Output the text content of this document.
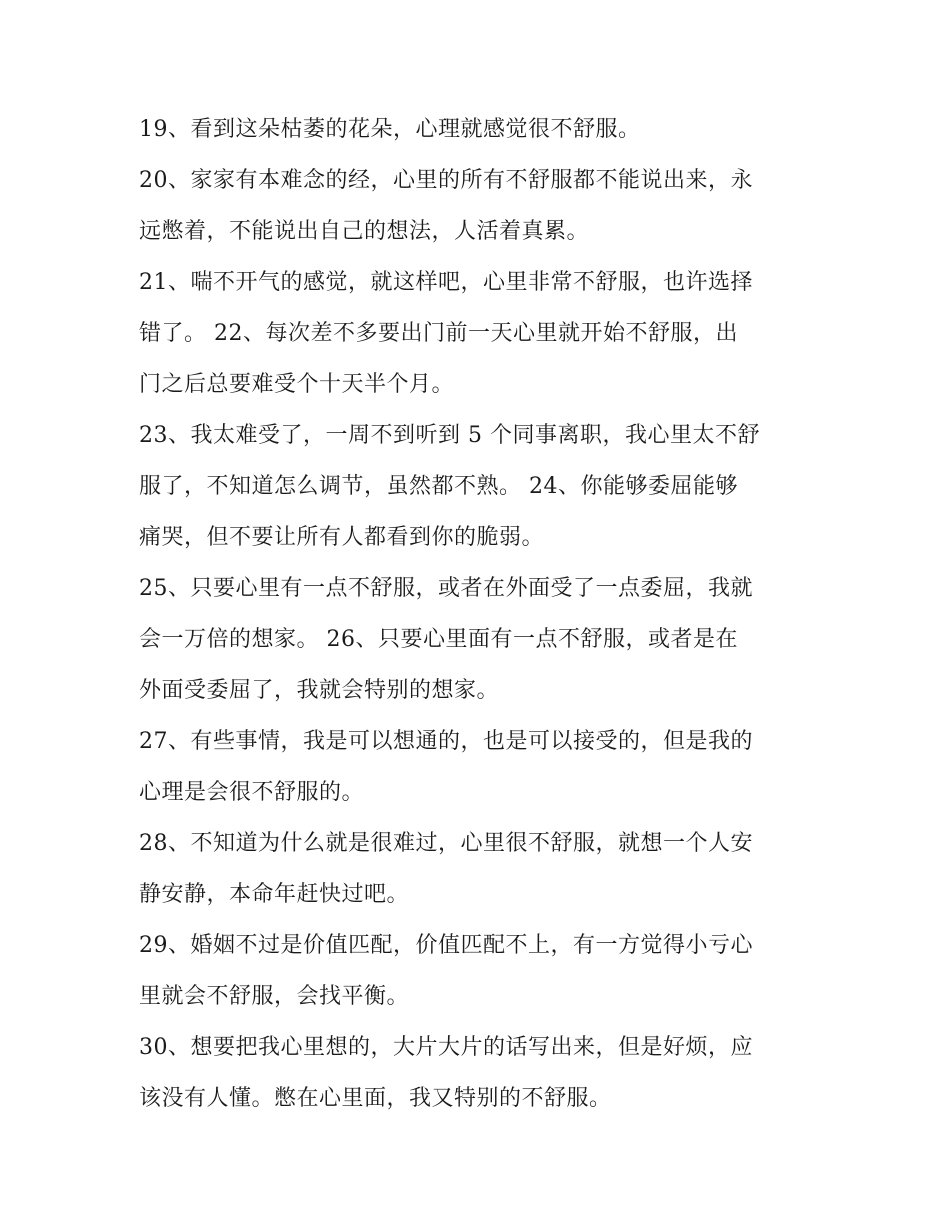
19、看到这朵枯萎的花朵，心理就感觉很不舒服。

20、家家有本难念的经，心里的所有不舒服都不能说出来，永
远憋着，不能说出自己的想法，人活着真累。

21、喘不开气的感觉，就这样吧，心里非常不舒服，也许选择
错了。 22、每次差不多要出门前一天心里就开始不舒服，出
门之后总要难受个十天半个月。

23、我太难受了，一周不到听到 5 个同事离职，我心里太不舒
服了，不知道怎么调节，虽然都不熟。 24、你能够委屈能够
痛哭，但不要让所有人都看到你的脆弱。

25、只要心里有一点不舒服，或者在外面受了一点委屈，我就
会一万倍的想家。 26、只要心里面有一点不舒服，或者是在
外面受委屈了，我就会特别的想家。

27、有些事情，我是可以想通的，也是可以接受的，但是我的
心理是会很不舒服的。

28、不知道为什么就是很难过，心里很不舒服，就想一个人安
静安静，本命年赶快过吧。

29、婚姻不过是价值匹配，价值匹配不上，有一方觉得小亏心
里就会不舒服，会找平衡。

30、想要把我心里想的，大片大片的话写出来，但是好烦，应
该没有人懂。憋在心里面，我又特别的不舒服。
